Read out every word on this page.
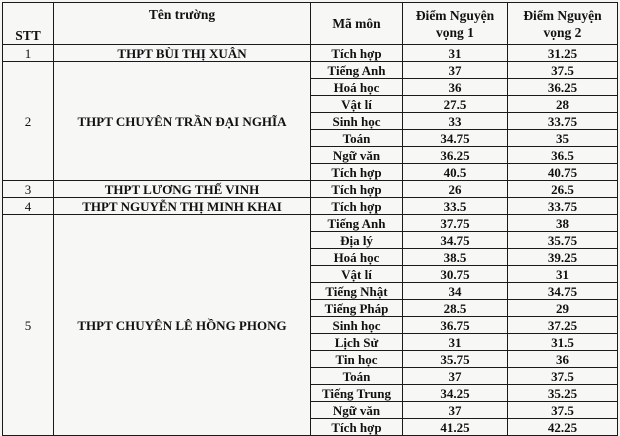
STT	Tên trường	Mã môn	Điểm Nguyện vọng 1	Điểm Nguyện vọng 2
1	THPT BÙI THỊ XUÂN	Tích hợp	31	31.25
2	THPT CHUYÊN TRẦN ĐẠI NGHĨA	Tiếng Anh	37	37.5
		Hoá học	36	36.25
		Vật lí	27.5	28
		Sinh học	33	33.75
		Toán	34.75	35
		Ngữ văn	36.25	36.5
		Tích hợp	40.5	40.75
3	THPT LƯƠNG THẾ VINH	Tích hợp	26	26.5
4	THPT NGUYỄN THỊ MINH KHAI	Tích hợp	33.5	33.75
5	THPT CHUYÊN LÊ HỒNG PHONG	Tiếng Anh	37.75	38
		Địa lý	34.75	35.75
		Hoá học	38.5	39.25
		Vật lí	30.75	31
		Tiếng Nhật	34	34.75
		Tiếng Pháp	28.5	29
		Sinh học	36.75	37.25
		Lịch Sử	31	31.5
		Tin học	35.75	36
		Toán	37	37.5
		Tiếng Trung	34.25	35.25
		Ngữ văn	37	37.5
		Tích hợp	41.25	42.25
